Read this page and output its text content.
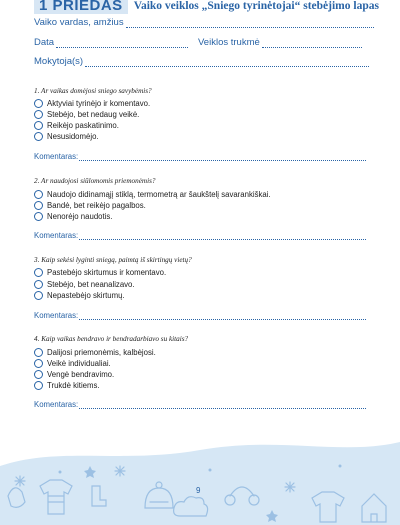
1 PRIEDAS Vaiko veiklos „Sniego tyrinėtojai“ stebėjimo lapas
Vaiko vardas, amžius
Data	Veiklos trukmė
Mokytoja(s)
1. Ar vaikas domėjosi sniego savybėmis?
Aktyviai tyrinėjo ir komentavo.
Stebėjo, bet nedaug veikė.
Reikėjo paskatinimo.
Nesusidomėjo.
Komentaras:
2. Ar naudojosi siūlomomis priemonėmis?
Naudojo didinamąjį stiklą, termometrą ar šaukštelį savarankiškai.
Bandė, bet reikėjo pagalbos.
Nenorėjo naudotis.
Komentaras:
3. Kaip sekėsi lyginti sniegą, paimtą iš skirtingų vietų?
Pastebėjo skirtumus ir komentavo.
Stebėjo, bet neanalizavo.
Nepastebėjo skirtumų.
Komentaras:
4. Kaip vaikas bendravo ir bendradarbiavo su kitais?
Dalijosi priemonėmis, kalbėjosi.
Veikė individualiai.
Vengė bendravimo.
Trukdė kitiems.
Komentaras:
9
